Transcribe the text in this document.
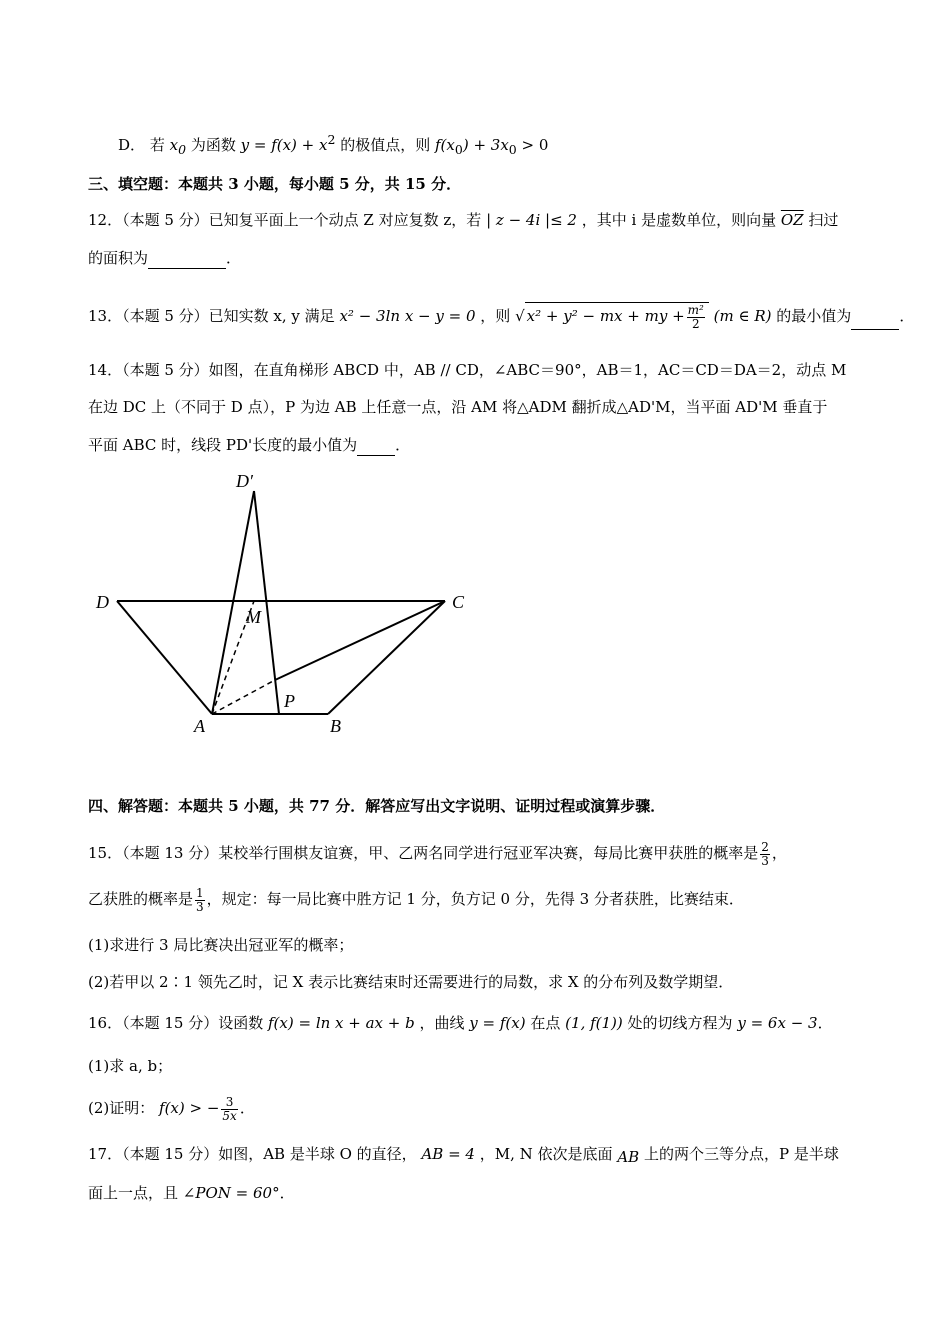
D． 若 $x_0$ 为函数 $y = f(x) + x^2$ 的极值点，则 $f(x_0) + 3x_0 > 0$
三、填空题：本题共 3 小题，每小题 5 分，共 15 分．
12．（本题 5 分）已知复平面上一个动点 Z 对应复数 z，若 | z − 4i |≤ 2 ，其中 i 是虚数单位，则向量 $\overline{OZ}$ 扫过
的面积为	．
13．（本题 5 分）已知实数 x, y 满足 x² − 3ln x − y = 0 ，则 √ x² + y² − mx + my + $\frac{\text{m²}}{2} (m$ ∈ R) 的最小值为	．
14．（本题 5 分）如图，在直角梯形 ABCD 中，AB // CD，∠ABC＝90°，AB＝1，AC＝CD＝DA＝2，动点 M
在边 DC 上（不同于 D 点），P 为边 AB 上任意一点，沿 AM 将△ADM 翻折成△AD'M，当平面 AD'M 垂直于
平面 ABC 时，线段 PD'长度的最小值为	．
D′
D	C
M
P
A	B
四、解答题：本题共 5 小题，共 77 分．解答应写出文字说明、证明过程或演算步骤．
15．（本题 13 分）某校举行围棋友谊赛，甲、乙两名同学进行冠亚军决赛，每局比赛甲获胜的概率是 $\frac{2}{3}$ ，
乙获胜的概率是 $\frac{1}{3}$ ，规定：每一局比赛中胜方记 1 分，负方记 0 分，先得 3 分者获胜，比赛结束．
(1)求进行 3 局比赛决出冠亚军的概率；
(2)若甲以 2∶1 领先乙时，记 X 表示比赛结束时还需要进行的局数，求 X 的分布列及数学期望．
16．（本题 15 分）设函数 f(x) = ln x + ax + b ，曲线 y = f(x) 在点 (1, f(1)) 处的切线方程为 y = 6x − 3．
(1)求 a, b；
(2)证明： f(x) > − $\frac{3}{5x}$ ．
17．（本题 15 分）如图，AB 是半球 O 的直径， AB = 4 ，M, N 依次是底面 AB 上的两个三等分点，P 是半球
面上一点，且 ∠PON = 60°．
